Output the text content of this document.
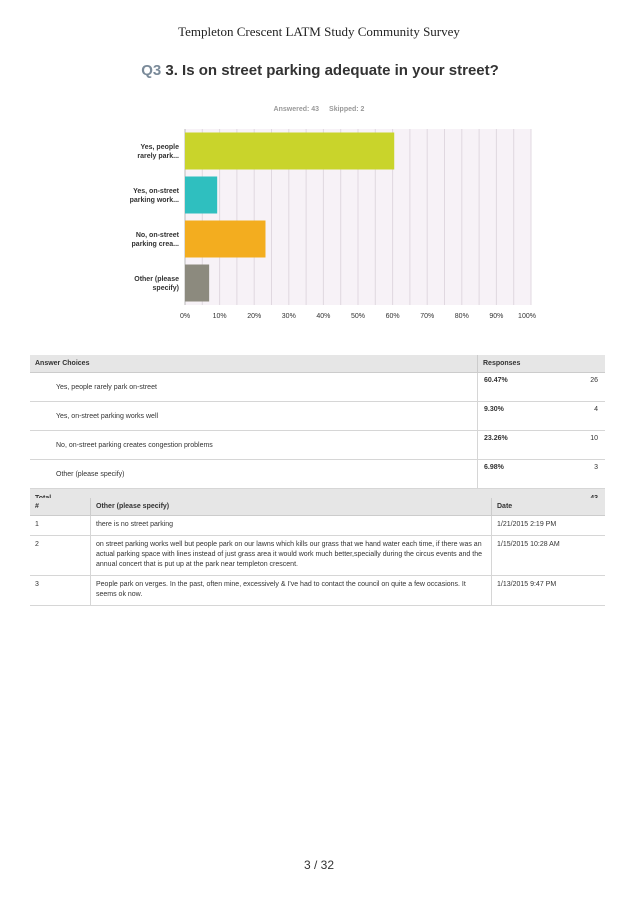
Templeton Crescent LATM Study Community Survey
Q3 3. Is on street parking adequate in your street?
Answered: 43 Skipped: 2
Yes, people
rarely park...
Yes, on-street
parking work...
No, on-street
parking crea...
Other (please
specify)
0%	10%	20%	30%	40%	50%	60%	70%	80%	90% 100%
Answer Choices	Responses	
Yes, people rarely park on-street	60.47%	26
Yes, on-street parking works well	9.30%	4
No, on-street parking creates congestion problems	23.26%	10
Other (please specify)	6.98%	3

#	Other (please specify)	Date
1	there is no street parking	1/21/2015 2:19 PM
2	on street parking works well but people park on our lawns which kills our grass that we hand water each time, if there was an actual parking space with lines instead of just grass area it would work much better,specially during the circus events and the annual concert that is put up at the park near templeton crescent.	1/15/2015 10:28 AM
3	People park on verges. In the past, often mine, excessively & I've had to contact the council on quite a few occasions. It seems ok now.	1/13/2015 9:47 PM
3 / 32
